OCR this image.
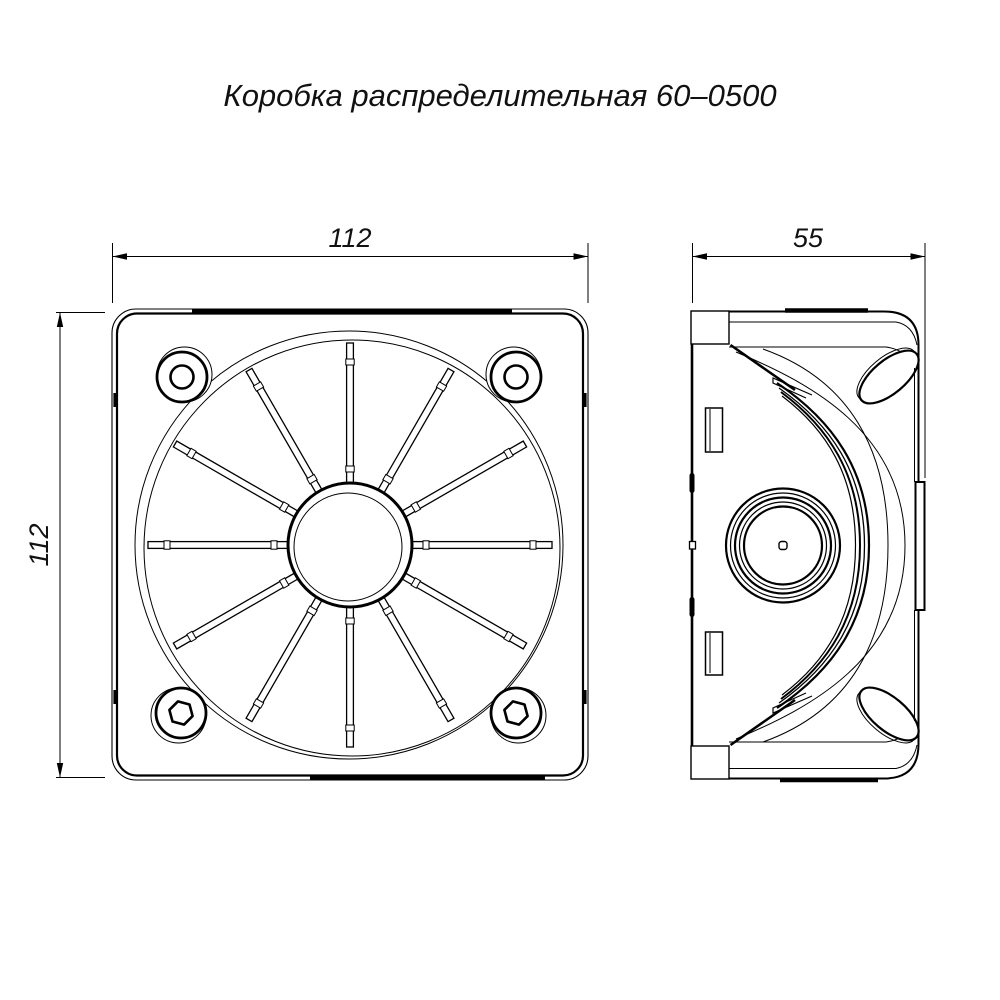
112
112
55
Коробка распределительная 60–0500
